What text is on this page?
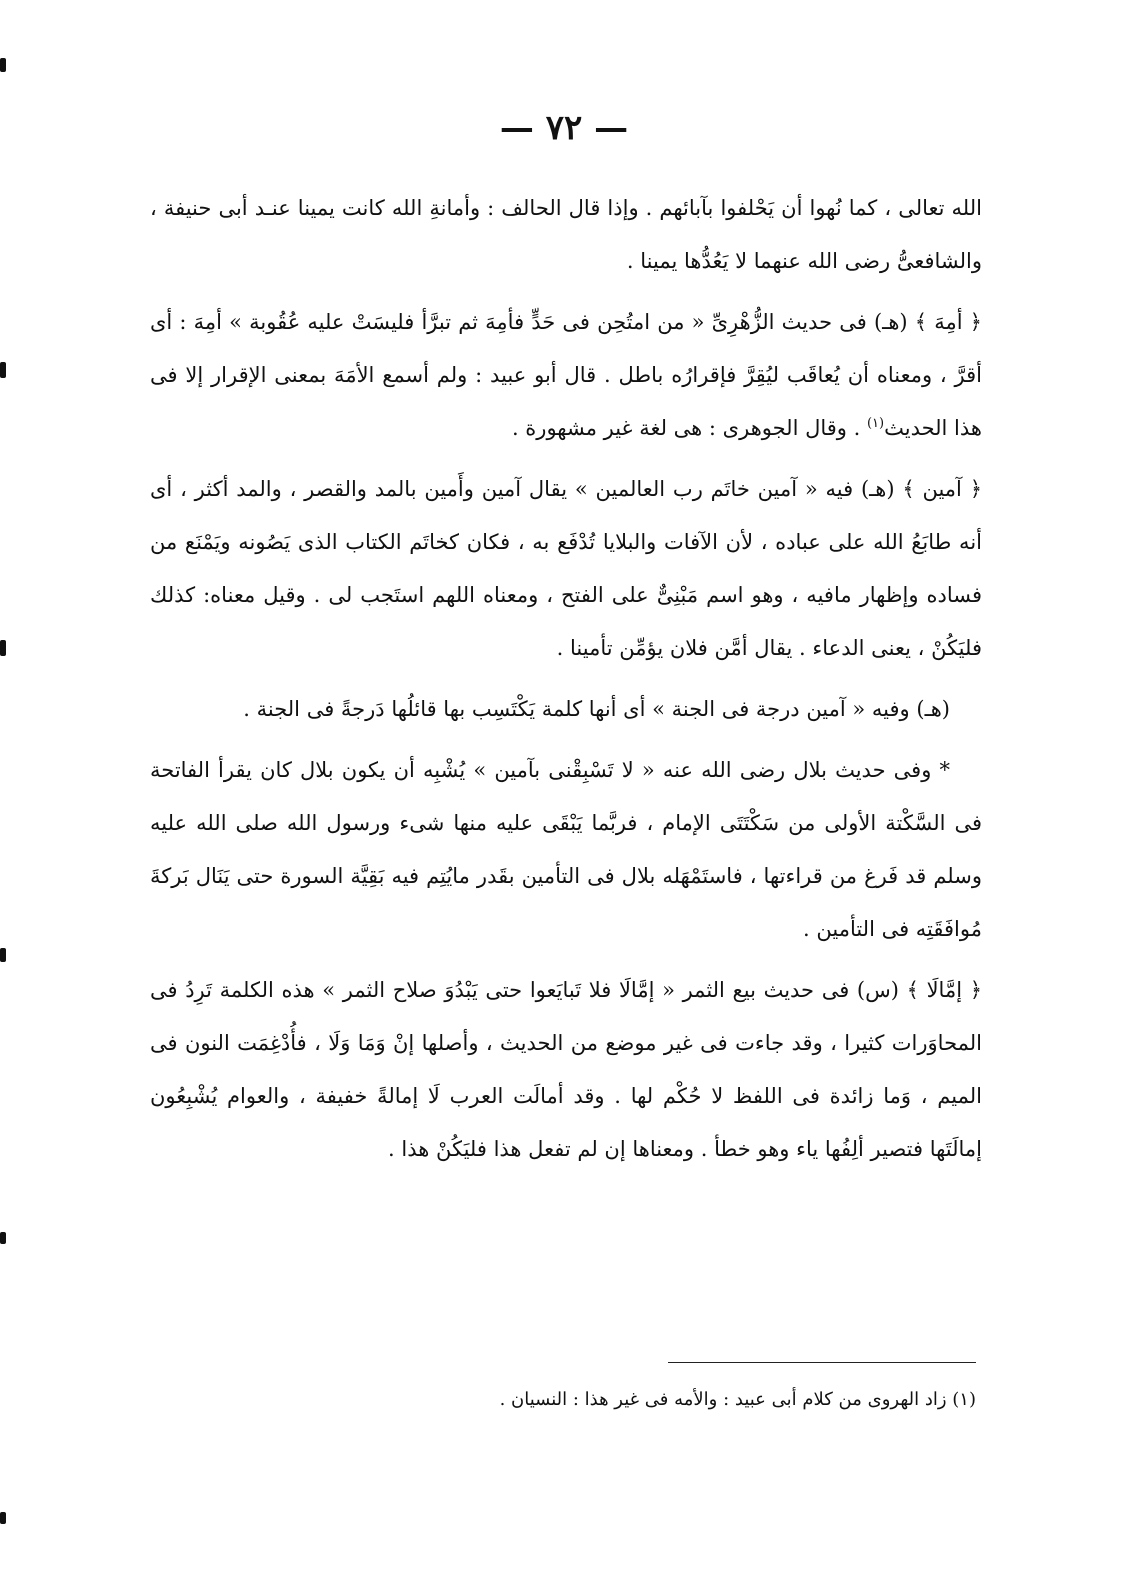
— ٧٢ —

الله تعالى ، كما نُهوا أن يَحْلفوا بآبائهم . وإذا قال الحالف : وأمانةِ الله كانت يمينا عنـد أبى حنيفة ، والشافعىُّ رضى الله عنهما لا يَعُدُّها يمينا .

﴿ أمِهَ ﴾ (هـ) فى حديث الزُّهْرِىِّ « من امتُحِن فى حَدٍّ فأمِهَ ثم تبرَّأ فليسَتْ عليه عُقُوبة » أمِهَ : أى أقرَّ ، ومعناه أن يُعاقَب ليُقِرَّ فإقرارُه باطل . قال أبو عبيد : ولم أسمع الأمَهَ بمعنى الإقرار إلا فى هذا الحديث$^{(١)}$ . وقال الجوهرى : هى لغة غير مشهورة .

﴿ آمين ﴾ (هـ) فيه « آمين خاتَم رب العالمين » يقال آمين وأَمين بالمد والقصر ، والمد أكثر ، أى أنه طابَعُ الله على عباده ، لأن الآفات والبلايا تُدْفَع به ، فكان كخاتَم الكتاب الذى يَصُونه ويَمْنَع من فساده وإظهار مافيه ، وهو اسم مَبْنِىٌّ على الفتح ، ومعناه اللهم استَجب لى . وقيل معناه: كذلك فليَكُنْ ، يعنى الدعاء . يقال أمَّن فلان يؤمِّن تأمينا .

(هـ) وفيه « آمين درجة فى الجنة » أى أنها كلمة يَكْتَسِب بها قائلُها دَرجةً فى الجنة .

* وفى حديث بلال رضى الله عنه « لا تَسْبِقْنى بآمين » يُشْبِه أن يكون بلال كان يقرأ الفاتحة فى السَّكْتة الأولى من سَكْتَتَى الإمام ، فربَّما يَبْقَى عليه منها شىء ورسول الله صلى الله عليه وسلم قد فَرغ من قراءتها ، فاستَمْهَله بلال فى التأمين بقَدر مايُتِم فيه بَقِيَّة السورة حتى يَنَال بَركةَ مُوافَقَتِه فى التأمين .

﴿ إمَّالَا ﴾ (س) فى حديث بيع الثمر « إمَّالَا فلا تَبايَعوا حتى يَبْدُوَ صلاح الثمر » هذه الكلمة تَرِدُ فى المحاوَرات كثيرا ، وقد جاءت فى غير موضع من الحديث ، وأصلها إنْ وَمَا وَلَا ، فأُدْغِمَت النون فى الميم ، وَما زائدة فى اللفظ لا حُكْم لها . وقد أمالَت العرب لَا إمالةً خفيفة ، والعوام يُشْبِعُون إمالَتَها فتصير ألِفُها ياء وهو خطأ . ومعناها إن لم تفعل هذا فليَكُنْ هذا .

(١) زاد الهروى من كلام أبى عبيد : والأمه فى غير هذا : النسيان .
